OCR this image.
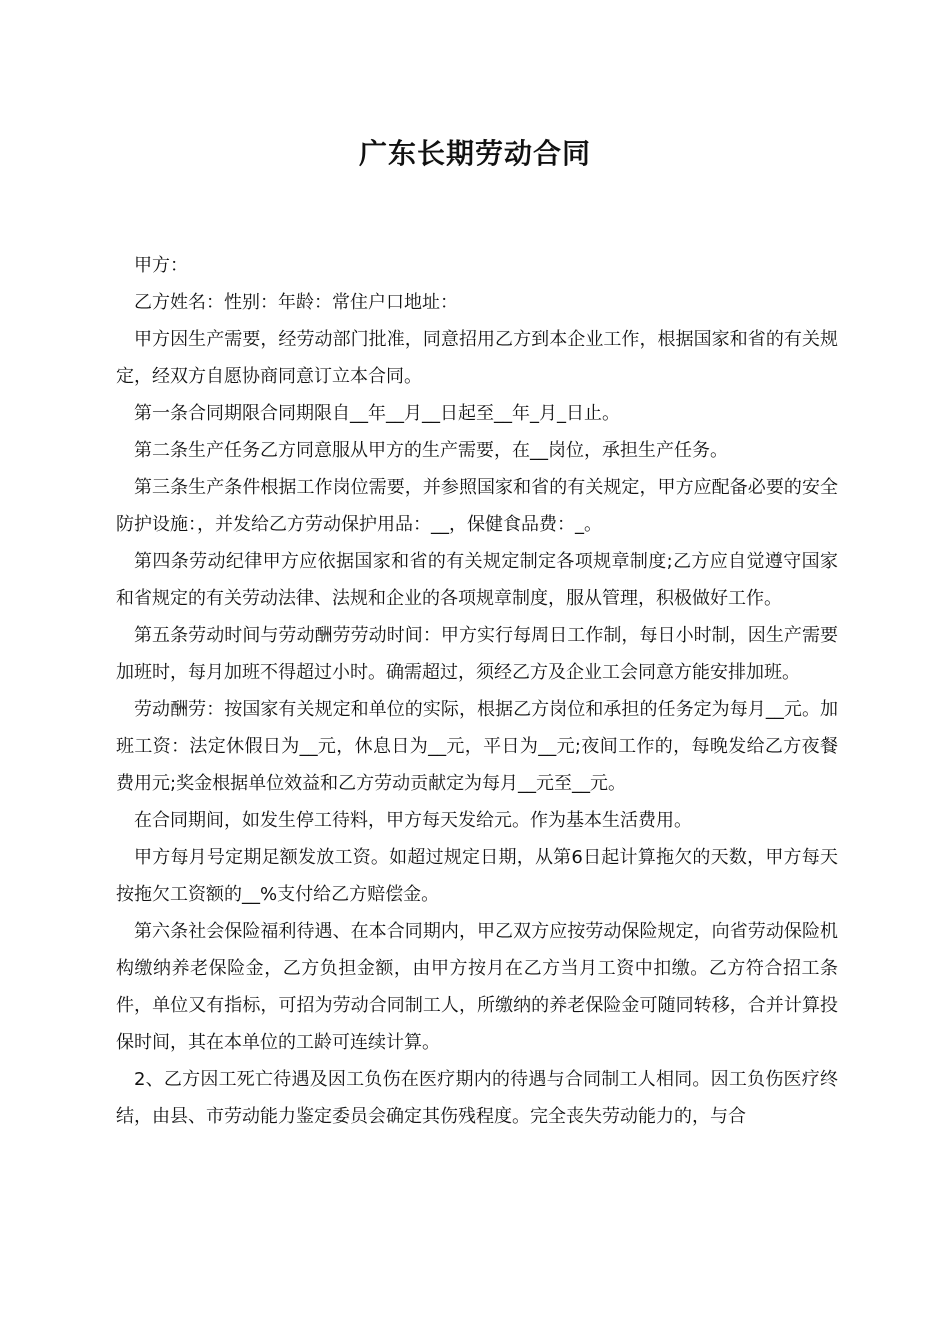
广东长期劳动合同

甲方：

乙方姓名：性别：年龄：常住户口地址：

甲方因生产需要，经劳动部门批准，同意招用乙方到本企业工作，根据国家和省的有关规定，经双方自愿协商同意订立本合同。

第一条合同期限合同期限自__年__月__日起至__年_月_日止。

第二条生产任务乙方同意服从甲方的生产需要，在__岗位，承担生产任务。

第三条生产条件根据工作岗位需要，并参照国家和省的有关规定，甲方应配备必要的安全防护设施：，并发给乙方劳动保护用品：__，保健食品费：_。

第四条劳动纪律甲方应依据国家和省的有关规定制定各项规章制度;乙方应自觉遵守国家和省规定的有关劳动法律、法规和企业的各项规章制度，服从管理，积极做好工作。

第五条劳动时间与劳动酬劳劳动时间：甲方实行每周日工作制，每日小时制，因生产需要加班时，每月加班不得超过小时。确需超过，须经乙方及企业工会同意方能安排加班。

劳动酬劳：按国家有关规定和单位的实际，根据乙方岗位和承担的任务定为每月__元。加班工资：法定休假日为__元，休息日为__元，平日为__元;夜间工作的，每晚发给乙方夜餐费用元;奖金根据单位效益和乙方劳动贡献定为每月__元至__元。

在合同期间，如发生停工待料，甲方每天发给元。作为基本生活费用。

甲方每月号定期足额发放工资。如超过规定日期，从第6日起计算拖欠的天数，甲方每天按拖欠工资额的__%支付给乙方赔偿金。

第六条社会保险福利待遇、在本合同期内，甲乙双方应按劳动保险规定，向省劳动保险机构缴纳养老保险金，乙方负担金额，由甲方按月在乙方当月工资中扣缴。乙方符合招工条件，单位又有指标，可招为劳动合同制工人，所缴纳的养老保险金可随同转移，合并计算投保时间，其在本单位的工龄可连续计算。

2、乙方因工死亡待遇及因工负伤在医疗期内的待遇与合同制工人相同。因工负伤医疗终结，由县、市劳动能力鉴定委员会确定其伤残程度。完全丧失劳动能力的，与合
